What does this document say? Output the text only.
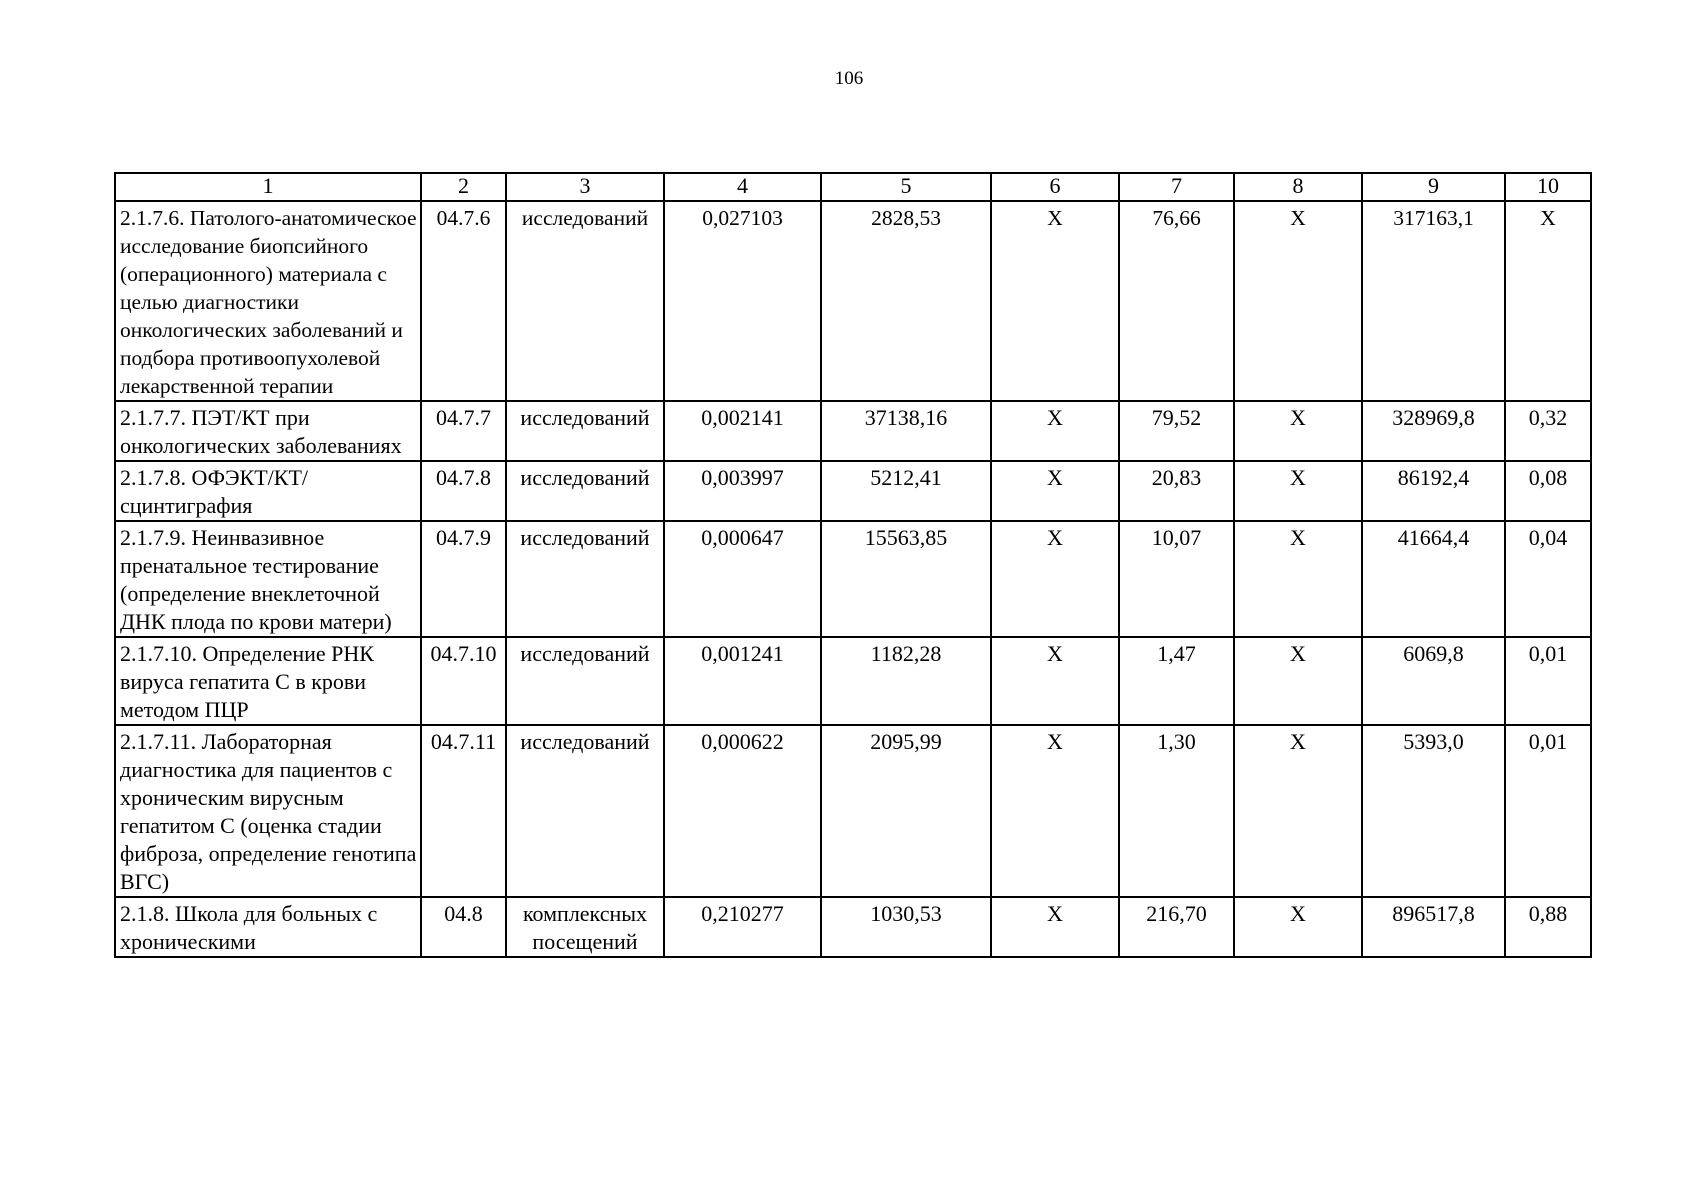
106
1	2	3	4	5	6	7	8	9	10
2.1.7.6. Патолого-анатомическое исследование биопсийного (операционного) материала с целью диагностики онкологических заболеваний и подбора противоопухолевой лекарственной терапии	04.7.6	исследований	0,027103	2828,53	Х	76,66	Х	317163,1	Х
2.1.7.7. ПЭТ/КТ при онкологических заболеваниях	04.7.7	исследований	0,002141	37138,16	Х	79,52	Х	328969,8	0,32
2.1.7.8. ОФЭКТ/КТ/ сцинтиграфия	04.7.8	исследований	0,003997	5212,41	Х	20,83	Х	86192,4	0,08
2.1.7.9. Неинвазивное пренатальное тестирование (определение внеклеточной ДНК плода по крови матери)	04.7.9	исследований	0,000647	15563,85	Х	10,07	Х	41664,4	0,04
2.1.7.10. Определение РНК вируса гепатита С в крови методом ПЦР	04.7.10	исследований	0,001241	1182,28	Х	1,47	Х	6069,8	0,01
2.1.7.11. Лабораторная диагностика для пациентов с хроническим вирусным гепатитом С (оценка стадии фиброза, определение генотипа ВГС)	04.7.11	исследований	0,000622	2095,99	Х	1,30	Х	5393,0	0,01
2.1.8. Школа для больных с хроническими	04.8	комплексных посещений	0,210277	1030,53	Х	216,70	Х	896517,8	0,88
